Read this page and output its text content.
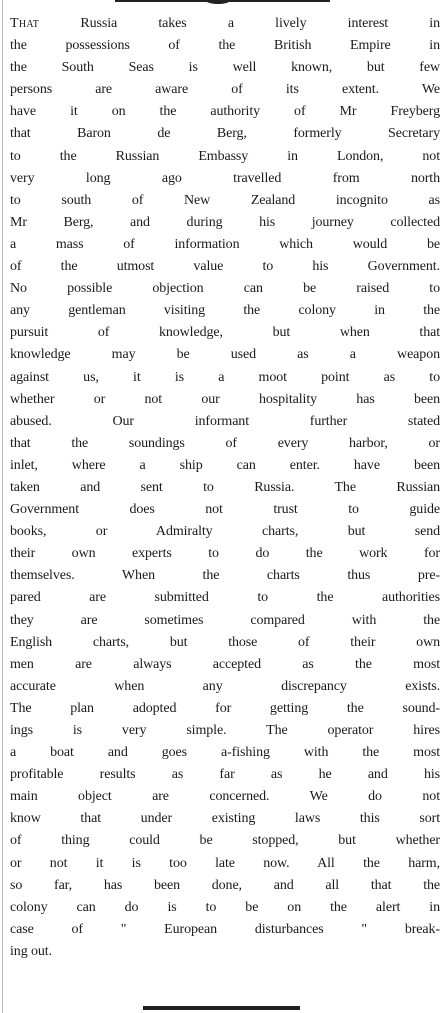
That Russia takes a lively interest in
the possessions of the British Empire in
the South Seas is well known, but few
persons are aware of its extent. We
have it on the authority of Mr Freyberg
that Baron de Berg, formerly Secretary
to the Russian Embassy in London, not
very long ago travelled from north
to south of New Zealand incognito as
Mr Berg, and during his journey collected
a mass of information which would be
of the utmost value to his Government.
No possible objection can be raised to
any gentleman visiting the colony in the
pursuit of knowledge, but when that
knowledge may be used as a weapon
against us, it is a moot point as to
whether or not our hospitality has been
abused. Our informant further stated
that the soundings of every harbor, or
inlet, where a ship can enter. have been
taken and sent to Russia. The Russian
Government does not trust to guide
books, or Admiralty charts, but send
their own experts to do the work for
themselves. When the charts thus pre-
pared are submitted to the authorities
they are sometimes compared with the
English charts, but those of their own
men are always accepted as the most
accurate when any discrepancy exists.
The plan adopted for getting the sound-
ings is very simple. The operator hires
a boat and goes a-fishing with the most
profitable results as far as he and his
main object are concerned. We do not
know that under existing laws this sort
of thing could be stopped, but whether
or not it is too late now. All the harm,
so far, has been done, and all that the
colony can do is to be on the alert in
case of " European disturbances " break-
ing out.
